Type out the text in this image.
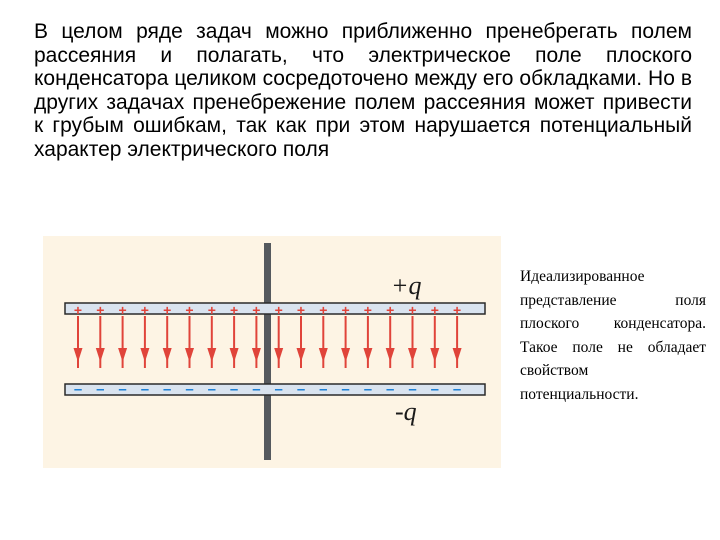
В целом ряде задач можно приближенно пренебрегать полем рассеяния и полагать, что электрическое поле плоского конденсатора целиком сосредоточено между его обкладками. Но в других задачах пренебрежение полем рассеяния может привести к грубым ошибкам, так как при этом нарушается потенциальный характер электрического поля
+ + + + + + + + + + + + + + + + + +
– – – – – – – – – – – – – – – – – –
+q
-q
Идеализированное представление поля плоского конденсатора. Такое поле не обладает свойством потенциальности.
